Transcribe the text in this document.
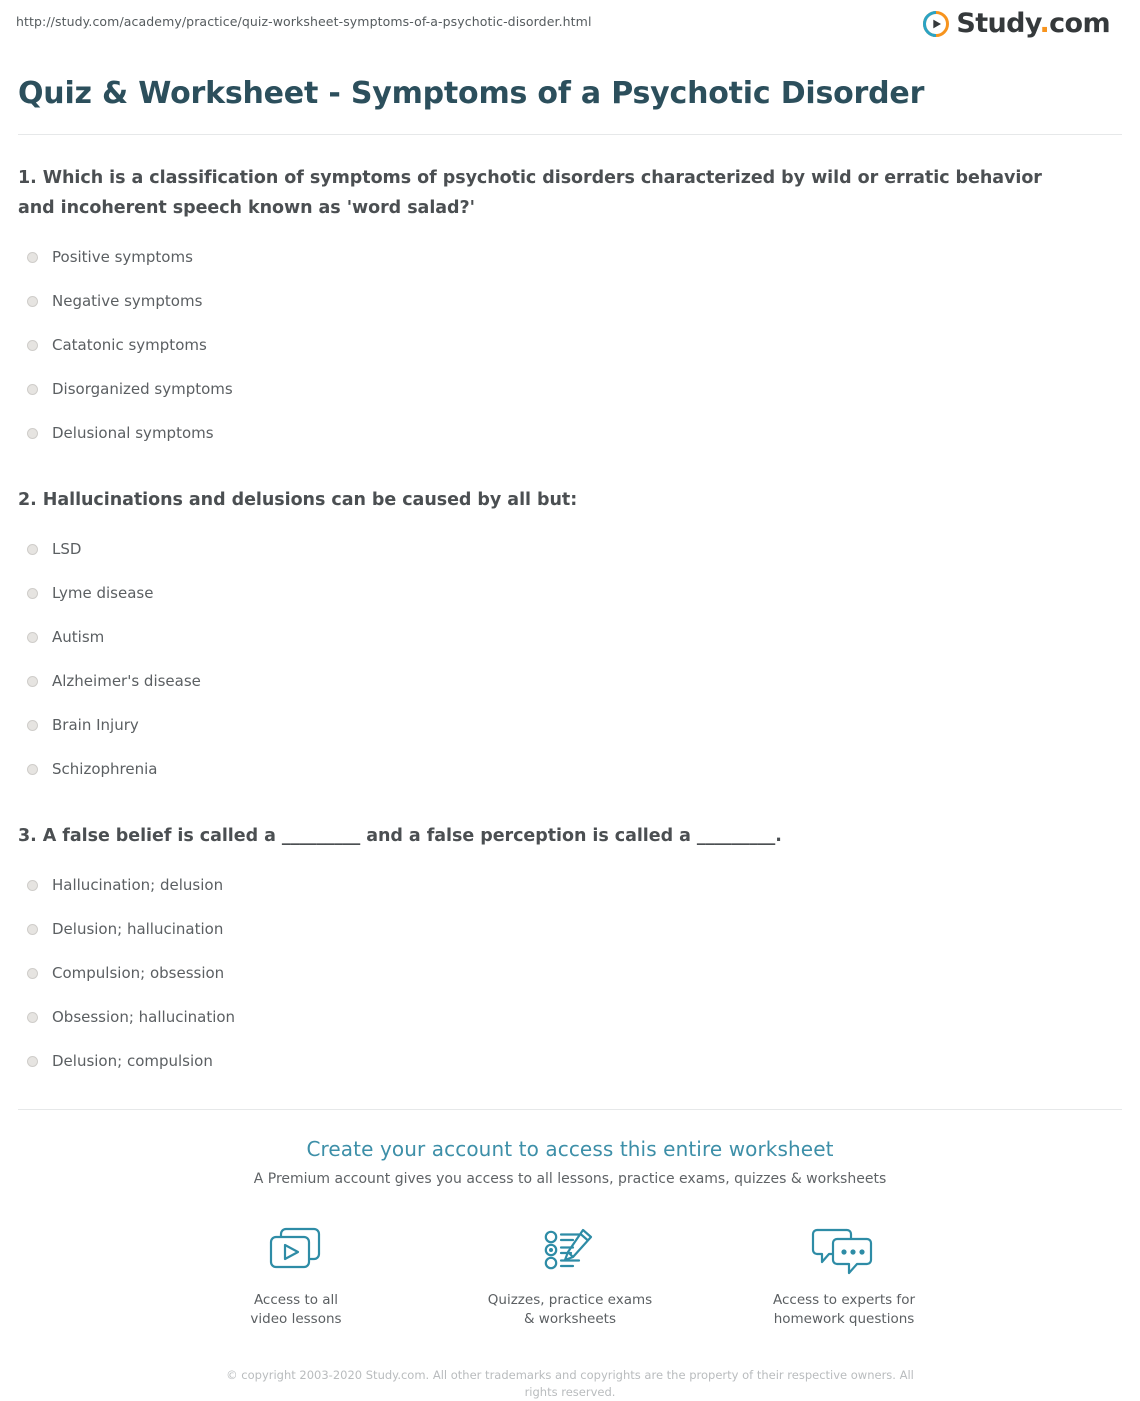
http://study.com/academy/practice/quiz-worksheet-symptoms-of-a-psychotic-disorder.html	Study.com
Quiz & Worksheet - Symptoms of a Psychotic Disorder
1. Which is a classification of symptoms of psychotic disorders characterized by wild or erratic behavior and incoherent speech known as 'word salad?'
Positive symptoms
Negative symptoms
Catatonic symptoms
Disorganized symptoms
Delusional symptoms
2. Hallucinations and delusions can be caused by all but:
LSD
Lyme disease
Autism
Alzheimer's disease
Brain Injury
Schizophrenia
3. A false belief is called a _________ and a false perception is called a _________.
Hallucination; delusion
Delusion; hallucination
Compulsion; obsession
Obsession; hallucination
Delusion; compulsion
Create your account to access this entire worksheet
A Premium account gives you access to all lessons, practice exams, quizzes & worksheets
Access to all
video lessons
Quizzes, practice exams
& worksheets
Access to experts for
homework questions
© copyright 2003-2020 Study.com. All other trademarks and copyrights are the property of their respective owners. All rights reserved.
